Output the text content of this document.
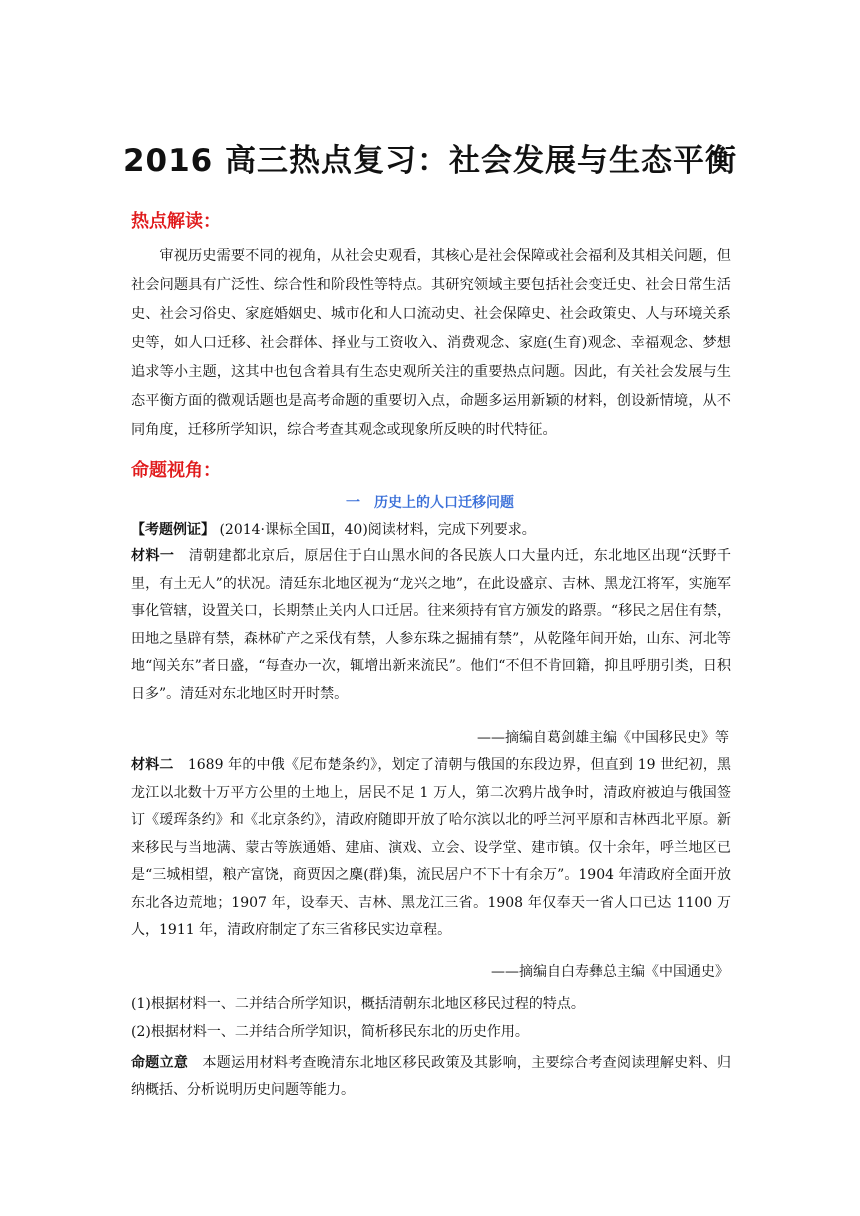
2016 高三热点复习：社会发展与生态平衡
热点解读：

审视历史需要不同的视角，从社会史观看，其核心是社会保障或社会福利及其相关问题，但社会问题具有广泛性、综合性和阶段性等特点。其研究领域主要包括社会变迁史、社会日常生活史、社会习俗史、家庭婚姻史、城市化和人口流动史、社会保障史、社会政策史、人与环境关系史等，如人口迁移、社会群体、择业与工资收入、消费观念、家庭(生育)观念、幸福观念、梦想追求等小主题，这其中也包含着具有生态史观所关注的重要热点问题。因此，有关社会发展与生态平衡方面的微观话题也是高考命题的重要切入点，命题多运用新颖的材料，创设新情境，从不同角度，迁移所学知识，综合考查其观念或现象所反映的时代特征。

命题视角：
一　历史上的人口迁移问题

【考题例证】 (2014·课标全国Ⅱ，40)阅读材料，完成下列要求。

材料一　 清朝建都北京后，原居住于白山黑水间的各民族人口大量内迁，东北地区出现“沃野千里，有土无人”的状况。清廷东北地区视为“龙兴之地”，在此设盛京、吉林、黑龙江将军，实施军事化管辖，设置关口，长期禁止关内人口迁居。往来须持有官方颁发的路票。“移民之居住有禁，田地之垦辟有禁，森林矿产之采伐有禁，人参东珠之掘捕有禁”，从乾隆年间开始，山东、河北等地“闯关东”者日盛，“每查办一次，辄增出新来流民”。他们“不但不肯回籍，抑且呼朋引类，日积日多”。清廷对东北地区时开时禁。

——摘编自葛剑雄主编《中国移民史》等

材料二　 1689 年的中俄《尼布楚条约》，划定了清朝与俄国的东段边界，但直到 19 世纪初，黑龙江以北数十万平方公里的土地上，居民不足 1 万人，第二次鸦片战争时，清政府被迫与俄国签订《瑷珲条约》和《北京条约》，清政府随即开放了哈尔滨以北的呼兰河平原和吉林西北平原。新来移民与当地满、蒙古等族通婚、建庙、演戏、立会、设学堂、建市镇。仅十余年，呼兰地区已是“三城相望，粮产富饶，商贾因之麇(群)集，流民居户不下十有余万”。1904 年清政府全面开放东北各边荒地；1907 年，设奉天、吉林、黑龙江三省。1908 年仅奉天一省人口已达 1100 万人，1911 年，清政府制定了东三省移民实边章程。

——摘编自白寿彝总主编《中国通史》

(1)根据材料一、二并结合所学知识，概括清朝东北地区移民过程的特点。

(2)根据材料一、二并结合所学知识，简析移民东北的历史作用。

命题立意　 本题运用材料考查晚清东北地区移民政策及其影响，主要综合考查阅读理解史料、归纳概括、分析说明历史问题等能力。
